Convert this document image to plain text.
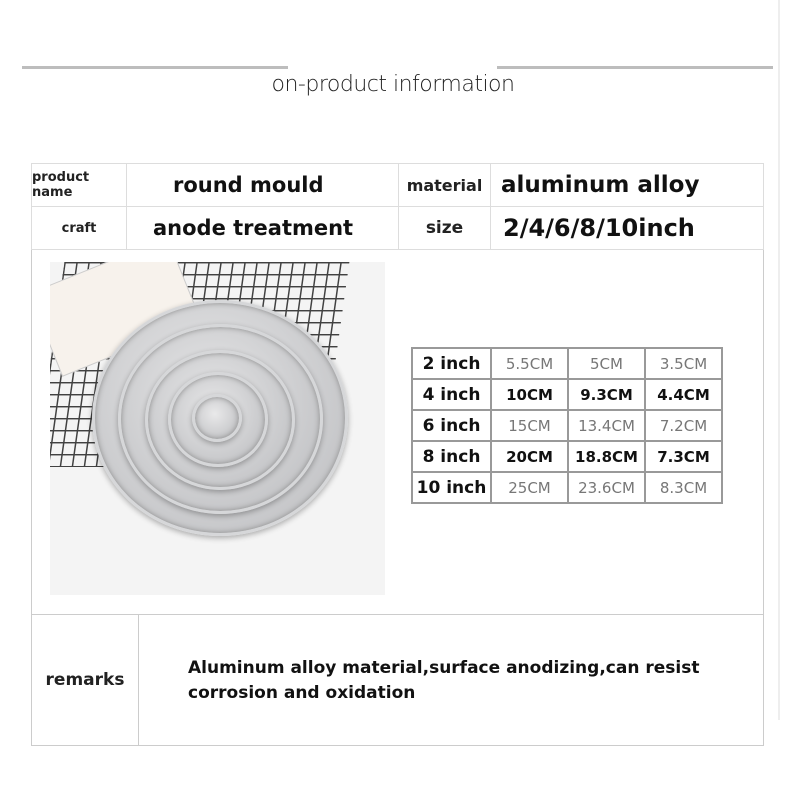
on-product information
product name	round mould	material aluminum alloy
craft	anode treatment	size 2/4/6/8/10inch
2 inch	5.5CM	5CM	3.5CM
4 inch	10CM	9.3CM	4.4CM
6 inch	15CM	13.4CM	7.2CM
8 inch	20CM	18.8CM	7.3CM
10 inch	25CM	23.6CM	8.3CM
remarks
Aluminum alloy material,surface anodizing,can resist corrosion and oxidation
